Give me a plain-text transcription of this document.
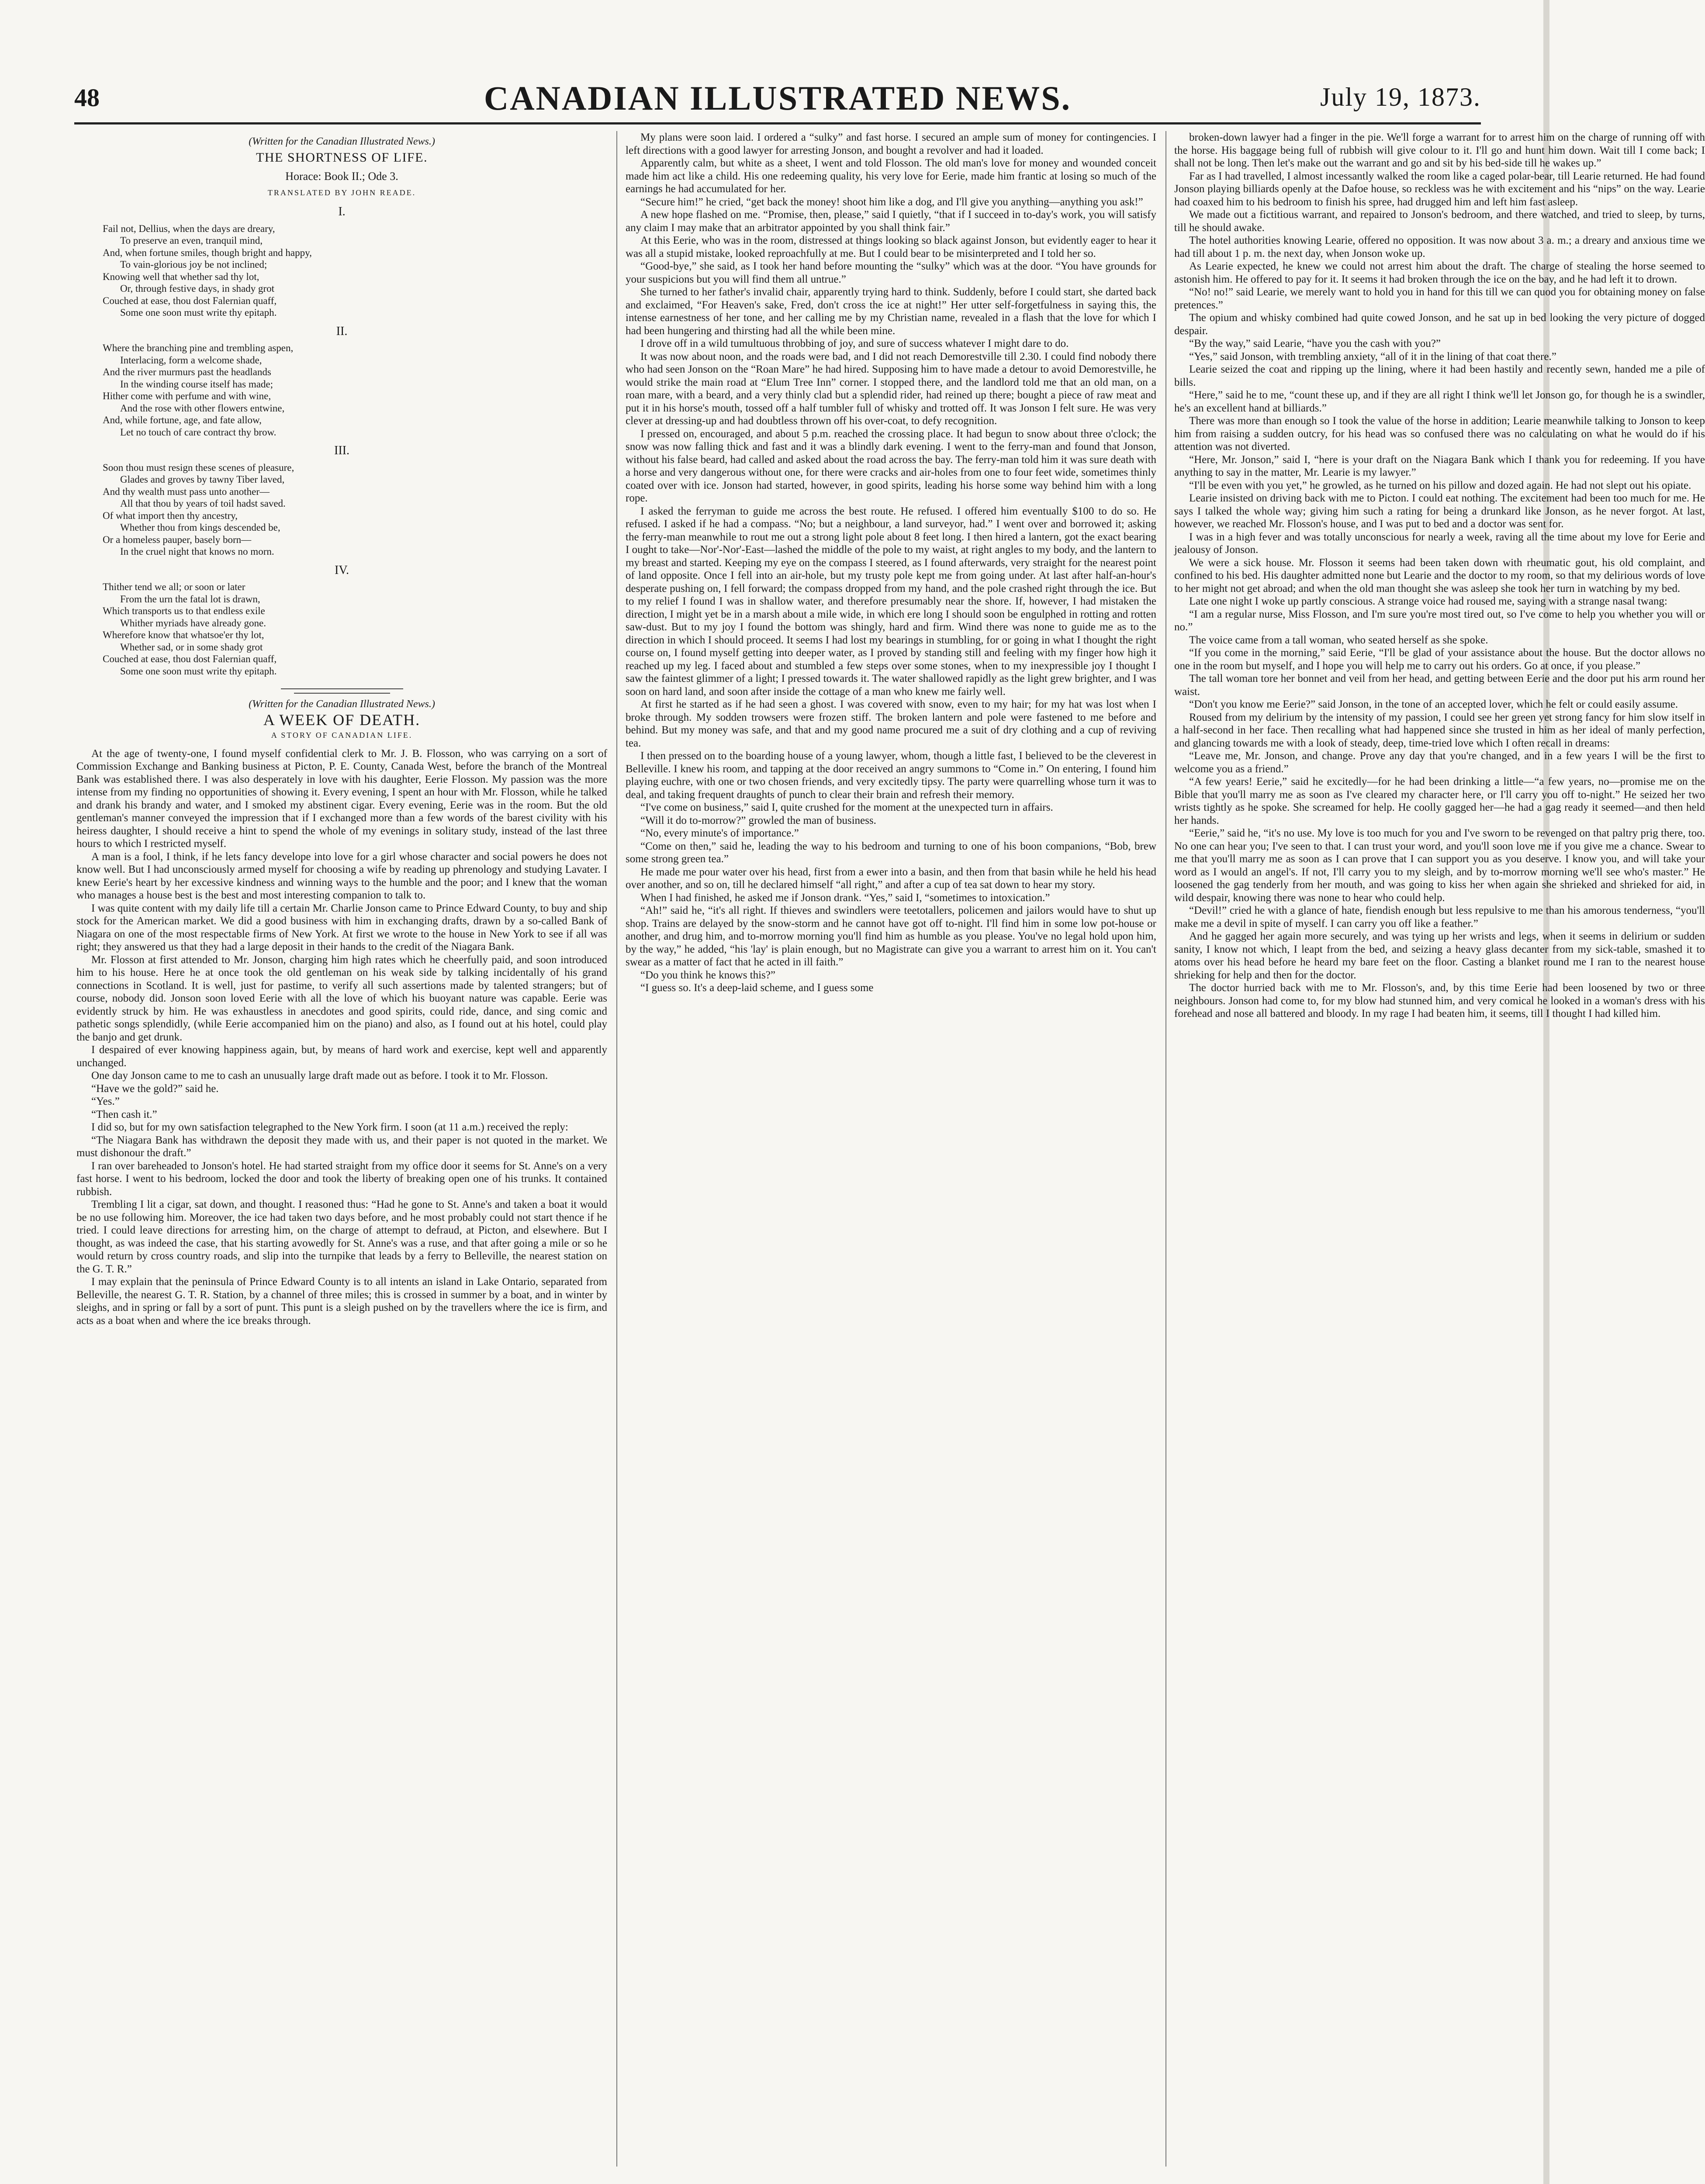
48	CANADIAN ILLUSTRATED NEWS.	July 19, 1873.
(Written for the Canadian Illustrated News.)
THE SHORTNESS OF LIFE.
Horace: Book II.; Ode 3.
TRANSLATED BY JOHN READE.
I.
Fail not, Dellius, when the days are dreary,
To preserve an even, tranquil mind,
And, when fortune smiles, though bright and happy,
To vain-glorious joy be not inclined;
Knowing well that whether sad thy lot,
Or, through festive days, in shady grot
Couched at ease, thou dost Falernian quaff,
Some one soon must write thy epitaph.
II.
Where the branching pine and trembling aspen,
Interlacing, form a welcome shade,
And the river murmurs past the headlands
In the winding course itself has made;
Hither come with perfume and with wine,
And the rose with other flowers entwine,
And, while fortune, age, and fate allow,
Let no touch of care contract thy brow.
III.
Soon thou must resign these scenes of pleasure,
Glades and groves by tawny Tiber laved,
And thy wealth must pass unto another—
All that thou by years of toil hadst saved.
Of what import then thy ancestry,
Whether thou from kings descended be,
Or a homeless pauper, basely born—
In the cruel night that knows no morn.
IV.
Thither tend we all; or soon or later
From the urn the fatal lot is drawn,
Which transports us to that endless exile
Whither myriads have already gone.
Wherefore know that whatsoe'er thy lot,
Whether sad, or in some shady grot
Couched at ease, thou dost Falernian quaff,
Some one soon must write thy epitaph.
(Written for the Canadian Illustrated News.)
A WEEK OF DEATH.
A STORY OF CANADIAN LIFE.

At the age of twenty-one, I found myself confidential clerk to Mr. J. B. Flosson, who was carrying on a sort of Commission Exchange and Banking business at Picton, P. E. County, Canada West, before the branch of the Montreal Bank was established there. I was also desperately in love with his daughter, Eerie Flosson. My passion was the more intense from my finding no opportunities of showing it. Every evening, I spent an hour with Mr. Flosson, while he talked and drank his brandy and water, and I smoked my abstinent cigar. Every evening, Eerie was in the room. But the old gentleman's manner conveyed the impression that if I exchanged more than a few words of the barest civility with his heiress daughter, I should receive a hint to spend the whole of my evenings in solitary study, instead of the last three hours to which I restricted myself.

A man is a fool, I think, if he lets fancy develope into love for a girl whose character and social powers he does not know well. But I had unconsciously armed myself for choosing a wife by reading up phrenology and studying Lavater. I knew Eerie's heart by her excessive kindness and winning ways to the humble and the poor; and I knew that the woman who manages a house best is the best and most interesting companion to talk to.

I was quite content with my daily life till a certain Mr. Charlie Jonson came to Prince Edward County, to buy and ship stock for the American market. We did a good business with him in exchanging drafts, drawn by a so-called Bank of Niagara on one of the most respectable firms of New York. At first we wrote to the house in New York to see if all was right; they answered us that they had a large deposit in their hands to the credit of the Niagara Bank.

Mr. Flosson at first attended to Mr. Jonson, charging him high rates which he cheerfully paid, and soon introduced him to his house. Here he at once took the old gentleman on his weak side by talking incidentally of his grand connections in Scotland. It is well, just for pastime, to verify all such assertions made by talented strangers; but of course, nobody did. Jonson soon loved Eerie with all the love of which his buoyant nature was capable. Eerie was evidently struck by him. He was exhaustless in anecdotes and good spirits, could ride, dance, and sing comic and pathetic songs splendidly, (while Eerie accompanied him on the piano) and also, as I found out at his hotel, could play the banjo and get drunk.

I despaired of ever knowing happiness again, but, by means of hard work and exercise, kept well and apparently unchanged.

One day Jonson came to me to cash an unusually large draft made out as before. I took it to Mr. Flosson.

“Have we the gold?” said he.

“Yes.”

“Then cash it.”

I did so, but for my own satisfaction telegraphed to the New York firm. I soon (at 11 a.m.) received the reply:

“The Niagara Bank has withdrawn the deposit they made with us, and their paper is not quoted in the market. We must dishonour the draft.”

I ran over bareheaded to Jonson's hotel. He had started straight from my office door it seems for St. Anne's on a very fast horse. I went to his bedroom, locked the door and took the liberty of breaking open one of his trunks. It contained rubbish.

Trembling I lit a cigar, sat down, and thought. I reasoned thus: “Had he gone to St. Anne's and taken a boat it would be no use following him. Moreover, the ice had taken two days before, and he most probably could not start thence if he tried. I could leave directions for arresting him, on the charge of attempt to defraud, at Picton, and elsewhere. But I thought, as was indeed the case, that his starting avowedly for St. Anne's was a ruse, and that after going a mile or so he would return by cross country roads, and slip into the turnpike that leads by a ferry to Belleville, the nearest station on the G. T. R.”

I may explain that the peninsula of Prince Edward County is to all intents an island in Lake Ontario, separated from Belleville, the nearest G. T. R. Station, by a channel of three miles; this is crossed in summer by a boat, and in winter by sleighs, and in spring or fall by a sort of punt. This punt is a sleigh pushed on by the travellers where the ice is firm, and acts as a boat when and where the ice breaks through.

My plans were soon laid. I ordered a “sulky” and fast horse. I secured an ample sum of money for contingencies. I left directions with a good lawyer for arresting Jonson, and bought a revolver and had it loaded.

Apparently calm, but white as a sheet, I went and told Flosson. The old man's love for money and wounded conceit made him act like a child. His one redeeming quality, his very love for Eerie, made him frantic at losing so much of the earnings he had accumulated for her.

“Secure him!” he cried, “get back the money! shoot him like a dog, and I'll give you anything—anything you ask!”

A new hope flashed on me. “Promise, then, please,” said I quietly, “that if I succeed in to-day's work, you will satisfy any claim I may make that an arbitrator appointed by you shall think fair.”

At this Eerie, who was in the room, distressed at things looking so black against Jonson, but evidently eager to hear it was all a stupid mistake, looked reproachfully at me. But I could bear to be misinterpreted and I told her so.

“Good-bye,” she said, as I took her hand before mounting the “sulky” which was at the door. “You have grounds for your suspicions but you will find them all untrue.”

She turned to her father's invalid chair, apparently trying hard to think. Suddenly, before I could start, she darted back and exclaimed, “For Heaven's sake, Fred, don't cross the ice at night!” Her utter self-forgetfulness in saying this, the intense earnestness of her tone, and her calling me by my Christian name, revealed in a flash that the love for which I had been hungering and thirsting had all the while been mine.

I drove off in a wild tumultuous throbbing of joy, and sure of success whatever I might dare to do.

It was now about noon, and the roads were bad, and I did not reach Demorestville till 2.30. I could find nobody there who had seen Jonson on the “Roan Mare” he had hired. Supposing him to have made a detour to avoid Demorestville, he would strike the main road at “Elum Tree Inn” corner. I stopped there, and the landlord told me that an old man, on a roan mare, with a beard, and a very thinly clad but a splendid rider, had reined up there; bought a piece of raw meat and put it in his horse's mouth, tossed off a half tumbler full of whisky and trotted off. It was Jonson I felt sure. He was very clever at dressing-up and had doubtless thrown off his over-coat, to defy recognition.

I pressed on, encouraged, and about 5 p.m. reached the crossing place. It had begun to snow about three o'clock; the snow was now falling thick and fast and it was a blindly dark evening. I went to the ferry-man and found that Jonson, without his false beard, had called and asked about the road across the bay. The ferry-man told him it was sure death with a horse and very dangerous without one, for there were cracks and air-holes from one to four feet wide, sometimes thinly coated over with ice. Jonson had started, however, in good spirits, leading his horse some way behind him with a long rope.

I asked the ferryman to guide me across the best route. He refused. I offered him eventually $100 to do so. He refused. I asked if he had a compass. “No; but a neighbour, a land surveyor, had.” I went over and borrowed it; asking the ferry-man meanwhile to rout me out a strong light pole about 8 feet long. I then hired a lantern, got the exact bearing I ought to take—Nor'-Nor'-East—lashed the middle of the pole to my waist, at right angles to my body, and the lantern to my breast and started. Keeping my eye on the compass I steered, as I found afterwards, very straight for the nearest point of land opposite. Once I fell into an air-hole, but my trusty pole kept me from going under. At last after half-an-hour's desperate pushing on, I fell forward; the compass dropped from my hand, and the pole crashed right through the ice. But to my relief I found I was in shallow water, and therefore presumably near the shore. If, however, I had mistaken the direction, I might yet be in a marsh about a mile wide, in which ere long I should soon be engulphed in rotting and rotten saw-dust. But to my joy I found the bottom was shingly, hard and firm. Wind there was none to guide me as to the direction in which I should proceed. It seems I had lost my bearings in stumbling, for or going in what I thought the right course on, I found myself getting into deeper water, as I proved by standing still and feeling with my finger how high it reached up my leg. I faced about and stumbled a few steps over some stones, when to my inexpressible joy I thought I saw the faintest glimmer of a light; I pressed towards it. The water shallowed rapidly as the light grew brighter, and I was soon on hard land, and soon after inside the cottage of a man who knew me fairly well.

At first he started as if he had seen a ghost. I was covered with snow, even to my hair; for my hat was lost when I broke through. My sodden trowsers were frozen stiff. The broken lantern and pole were fastened to me before and behind. But my money was safe, and that and my good name procured me a suit of dry clothing and a cup of reviving tea.

I then pressed on to the boarding house of a young lawyer, whom, though a little fast, I believed to be the cleverest in Belleville. I knew his room, and tapping at the door received an angry summons to “Come in.” On entering, I found him playing euchre, with one or two chosen friends, and very excitedly tipsy. The party were quarrelling whose turn it was to deal, and taking frequent draughts of punch to clear their brain and refresh their memory.

“I've come on business,” said I, quite crushed for the moment at the unexpected turn in affairs.

“Will it do to-morrow?” growled the man of business.

“No, every minute's of importance.”

“Come on then,” said he, leading the way to his bedroom and turning to one of his boon companions, “Bob, brew some strong green tea.”

He made me pour water over his head, first from a ewer into a basin, and then from that basin while he held his head over another, and so on, till he declared himself “all right,” and after a cup of tea sat down to hear my story.

When I had finished, he asked me if Jonson drank. “Yes,” said I, “sometimes to intoxication.”

“Ah!” said he, “it's all right. If thieves and swindlers were teetotallers, policemen and jailors would have to shut up shop. Trains are delayed by the snow-storm and he cannot have got off to-night. I'll find him in some low pot-house or another, and drug him, and to-morrow morning you'll find him as humble as you please. You've no legal hold upon him, by the way,” he added, “his 'lay' is plain enough, but no Magistrate can give you a warrant to arrest him on it. You can't swear as a matter of fact that he acted in ill faith.”

“Do you think he knows this?”

“I guess so. It's a deep-laid scheme, and I guess some

broken-down lawyer had a finger in the pie. We'll forge a warrant for to arrest him on the charge of running off with the horse. His baggage being full of rubbish will give colour to it. I'll go and hunt him down. Wait till I come back; I shall not be long. Then let's make out the warrant and go and sit by his bed-side till he wakes up.”

Far as I had travelled, I almost incessantly walked the room like a caged polar-bear, till Learie returned. He had found Jonson playing billiards openly at the Dafoe house, so reckless was he with excitement and his “nips” on the way. Learie had coaxed him to his bedroom to finish his spree, had drugged him and left him fast asleep.

We made out a fictitious warrant, and repaired to Jonson's bedroom, and there watched, and tried to sleep, by turns, till he should awake.

The hotel authorities knowing Learie, offered no opposition. It was now about 3 a. m.; a dreary and anxious time we had till about 1 p. m. the next day, when Jonson woke up.

As Learie expected, he knew we could not arrest him about the draft. The charge of stealing the horse seemed to astonish him. He offered to pay for it. It seems it had broken through the ice on the bay, and he had left it to drown.

“No! no!” said Learie, we merely want to hold you in hand for this till we can quod you for obtaining money on false pretences.”

The opium and whisky combined had quite cowed Jonson, and he sat up in bed looking the very picture of dogged despair.

“By the way,” said Learie, “have you the cash with you?”

“Yes,” said Jonson, with trembling anxiety, “all of it in the lining of that coat there.”

Learie seized the coat and ripping up the lining, where it had been hastily and recently sewn, handed me a pile of bills.

“Here,” said he to me, “count these up, and if they are all right I think we'll let Jonson go, for though he is a swindler, he's an excellent hand at billiards.”

There was more than enough so I took the value of the horse in addition; Learie meanwhile talking to Jonson to keep him from raising a sudden outcry, for his head was so confused there was no calculating on what he would do if his attention was not diverted.

“Here, Mr. Jonson,” said I, “here is your draft on the Niagara Bank which I thank you for redeeming. If you have anything to say in the matter, Mr. Learie is my lawyer.”

“I'll be even with you yet,” he growled, as he turned on his pillow and dozed again. He had not slept out his opiate.

Learie insisted on driving back with me to Picton. I could eat nothing. The excitement had been too much for me. He says I talked the whole way; giving him such a rating for being a drunkard like Jonson, as he never forgot. At last, however, we reached Mr. Flosson's house, and I was put to bed and a doctor was sent for.

I was in a high fever and was totally unconscious for nearly a week, raving all the time about my love for Eerie and jealousy of Jonson.

We were a sick house. Mr. Flosson it seems had been taken down with rheumatic gout, his old complaint, and confined to his bed. His daughter admitted none but Learie and the doctor to my room, so that my delirious words of love to her might not get abroad; and when the old man thought she was asleep she took her turn in watching by my bed.

Late one night I woke up partly conscious. A strange voice had roused me, saying with a strange nasal twang:

“I am a regular nurse, Miss Flosson, and I'm sure you're most tired out, so I've come to help you whether you will or no.”

The voice came from a tall woman, who seated herself as she spoke.

“If you come in the morning,” said Eerie, “I'll be glad of your assistance about the house. But the doctor allows no one in the room but myself, and I hope you will help me to carry out his orders. Go at once, if you please.”

The tall woman tore her bonnet and veil from her head, and getting between Eerie and the door put his arm round her waist.

“Don't you know me Eerie?” said Jonson, in the tone of an accepted lover, which he felt or could easily assume.

Roused from my delirium by the intensity of my passion, I could see her green yet strong fancy for him slow itself in a half-second in her face. Then recalling what had happened since she trusted in him as her ideal of manly perfection, and glancing towards me with a look of steady, deep, time-tried love which I often recall in dreams:

“Leave me, Mr. Jonson, and change. Prove any day that you're changed, and in a few years I will be the first to welcome you as a friend.”

“A few years! Eerie,” said he excitedly—for he had been drinking a little—“a few years, no—promise me on the Bible that you'll marry me as soon as I've cleared my character here, or I'll carry you off to-night.” He seized her two wrists tightly as he spoke. She screamed for help. He coolly gagged her—he had a gag ready it seemed—and then held her hands.

“Eerie,” said he, “it's no use. My love is too much for you and I've sworn to be revenged on that paltry prig there, too. No one can hear you; I've seen to that. I can trust your word, and you'll soon love me if you give me a chance. Swear to me that you'll marry me as soon as I can prove that I can support you as you deserve. I know you, and will take your word as I would an angel's. If not, I'll carry you to my sleigh, and by to-morrow morning we'll see who's master.” He loosened the gag tenderly from her mouth, and was going to kiss her when again she shrieked and shrieked for aid, in wild despair, knowing there was none to hear who could help.

“Devil!” cried he with a glance of hate, fiendish enough but less repulsive to me than his amorous tenderness, “you'll make me a devil in spite of myself. I can carry you off like a feather.”

And he gagged her again more securely, and was tying up her wrists and legs, when it seems in delirium or sudden sanity, I know not which, I leapt from the bed, and seizing a heavy glass decanter from my sick-table, smashed it to atoms over his head before he heard my bare feet on the floor. Casting a blanket round me I ran to the nearest house shrieking for help and then for the doctor.

The doctor hurried back with me to Mr. Flosson's, and, by this time Eerie had been loosened by two or three neighbours. Jonson had come to, for my blow had stunned him, and very comical he looked in a woman's dress with his forehead and nose all battered and bloody. In my rage I had beaten him, it seems, till I thought I had killed him.
